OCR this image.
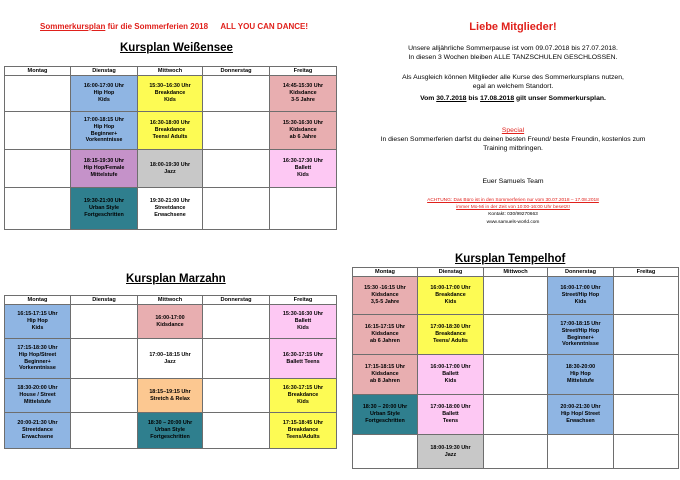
Sommerkursplan für die Sommerferien 2018 ALL YOU CAN DANCE!
Kursplan Weißensee
Montag	Dienstag	Mittwoch	Donnerstag	Freitag
	16:00-17:00 Uhr
Hip Hop
Kids	15:30–16:30 Uhr
Breakdance
Kids		14:45-15:30 Uhr
Kidsdance
3-5 Jahre
	17:00-18:15 Uhr
Hip Hop
Beginner+
Vorkenntnisse	16:30-18:00 Uhr
Breakdance
Teens/ Adults		15:30-16:30 Uhr
Kidsdance
ab 6 Jahre
	18:15-19:30 Uhr
Hip Hop/Female
Mittelstufe	18:00-19:30 Uhr
Jazz		16:30-17:30 Uhr
Ballett
Kids
	19:30-21:00 Uhr
Urban Style
Fortgeschritten	19:30-21:00 Uhr
Streetdance
Erwachsene		
Kursplan Marzahn
Montag	Dienstag	Mittwoch	Donnerstag	Freitag
16:15-17:15 Uhr
Hip Hop
Kids		16:00-17:00
Kidsdance		15:30-16:30 Uhr
Ballett
Kids
17:15-18:30 Uhr
Hip Hop/Street
Beginner+
Vorkenntnisse		17:00–18:15 Uhr
Jazz		16:30-17:15 Uhr
Ballett Teens
18:30-20:00 Uhr
House / Street
Mittelstufe		18:15–19:15 Uhr
Stretch & Relax		16:30-17:15 Uhr
Breakdance
Kids
20:00-21:30 Uhr
Streetdance
Erwachsene		18:30 – 20:00 Uhr
Urban Style
Fortgeschritten		17:15-18:45 Uhr
Breakdance
Teens/Adults
Kursplan Tempelhof
Montag	Dienstag	Mittwoch	Donnerstag	Freitag
15:30 -16:15 Uhr
Kidsdance
3,5-5 Jahre	16:00-17:00 Uhr
Breakdance
Kids		16:00-17:00 Uhr
Street/Hip Hop
Kids	
16:15-17:15 Uhr
Kidsdance
ab 6 Jahren	17:00-18:30 Uhr
Breakdance
Teens/ Adults		17:00-18:15 Uhr
Street/Hip Hop
Beginner+
Vorkenntnisse	
17:15-18:15 Uhr
Kidsdance
ab 8 Jahren	16:00-17:00 Uhr
Ballett
Kids		18:30-20:00
Hip Hop
Mittelstufe	
18:30 – 20:00 Uhr
Urban Style
Fortgeschritten	17:00-18:00 Uhr
Ballett
Teens		20:00-21:30 Uhr
Hip Hop/ Street
Erwachsen	
	18:00-19:30 Uhr
Jazz			
Liebe Mitglieder!
Unsere alljährliche Sommerpause ist vom 09.07.2018 bis 27.07.2018.
In diesen 3 Wochen bleiben ALLE TANZSCHULEN GESCHLOSSEN.
Als Ausgleich können Mitglieder alle Kurse des Sommerkursplans nutzen,
egal an welchem Standort.
Vom 30.7.2018 bis 17.08.2018 gilt unser Sommerkursplan.
Special
In diesen Sommerferien darfst du deinen besten Freund/ beste Freundin, kostenlos zum
Training mitbringen.
Euer Samuels Team
ACHTUNG: Das Büro ist in den Sommerferien nur vom 30.07.2018 – 17.08.2018
immer Mo-Mi in der Zeit von 10:00-16:00 Uhr besetzt!
Kontakt: 030/99270663
www.samuels-world.com
